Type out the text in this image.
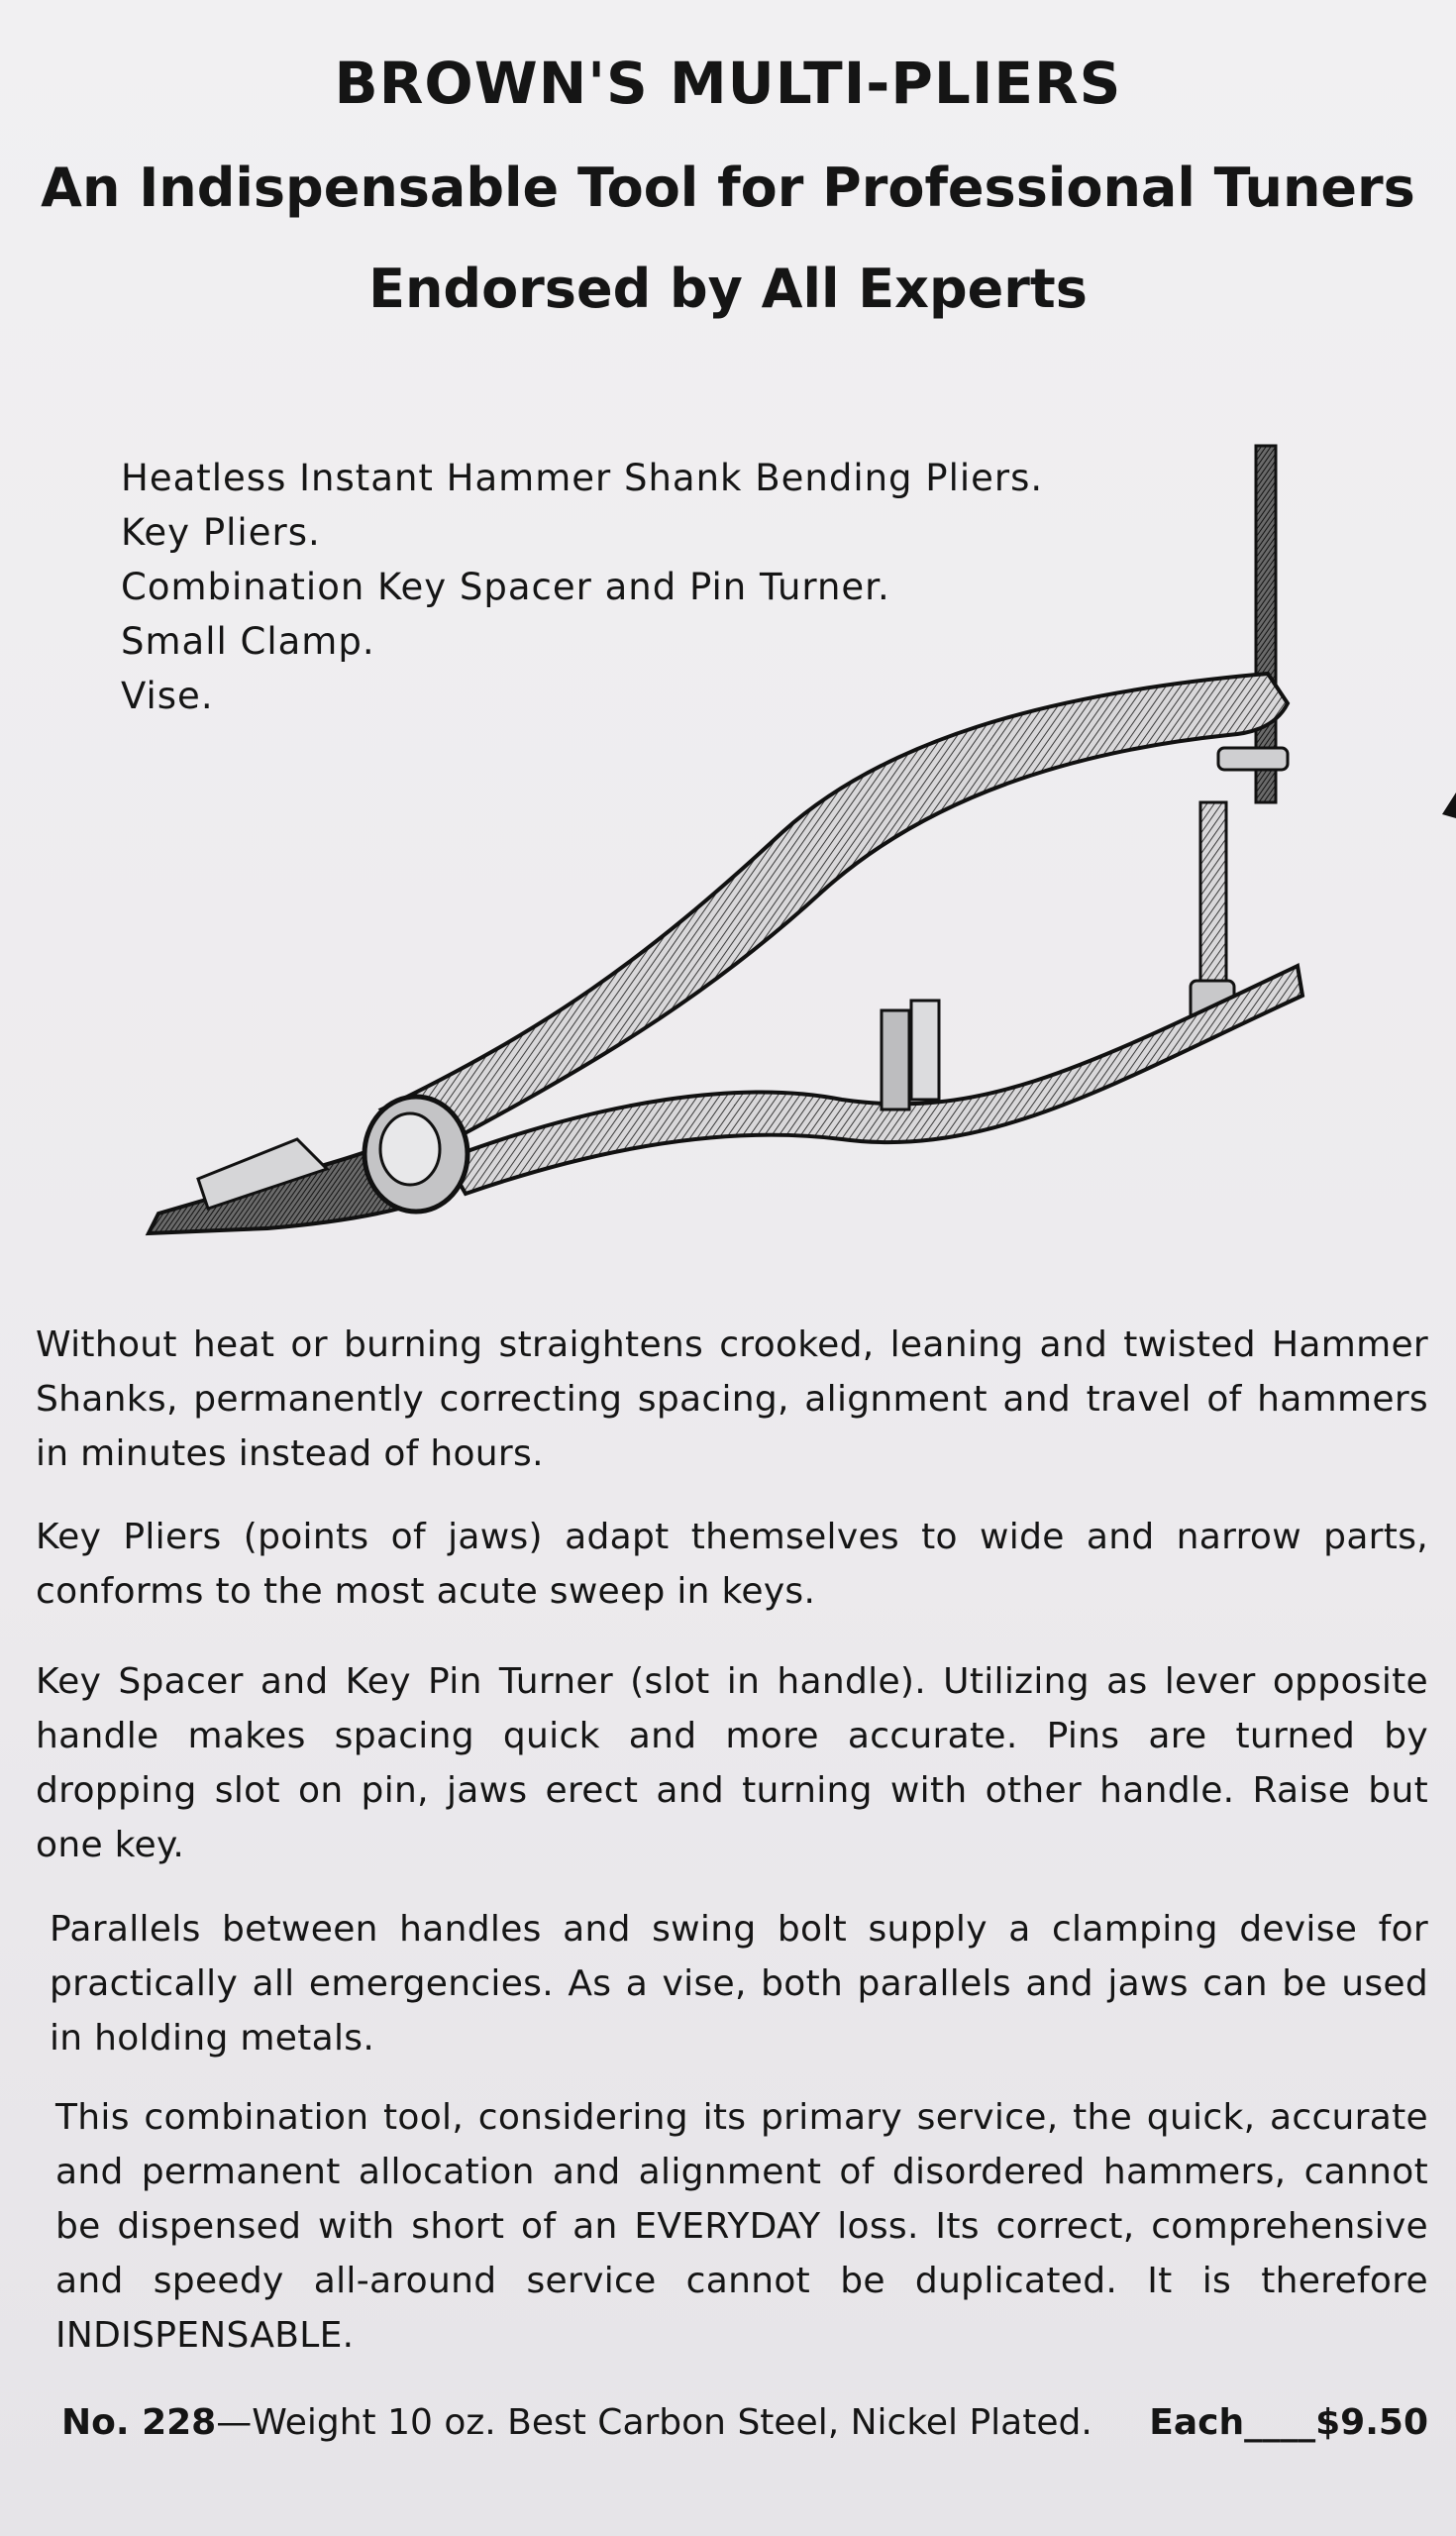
BROWN'S MULTI-PLIERS
An Indispensable Tool for Professional Tuners
Endorsed by All Experts
Heatless Instant Hammer Shank Bending Pliers.
Key Pliers.
Combination Key Spacer and Pin Turner.
Small Clamp.
Vise.

Without heat or burning straightens crooked, leaning and twisted Hammer Shanks, permanently correcting spacing, alignment and travel of hammers in minutes instead of hours.

Key Pliers (points of jaws) adapt themselves to wide and narrow parts, conforms to the most acute sweep in keys.

Key Spacer and Key Pin Turner (slot in handle). Utilizing as lever opposite handle makes spacing quick and more accurate. Pins are turned by dropping slot on pin, jaws erect and turning with other handle. Raise but one key.

Parallels between handles and swing bolt supply a clamping devise for practically all emergencies. As a vise, both parallels and jaws can be used in holding metals.

This combination tool, considering its primary service, the quick, accurate and permanent allocation and alignment of disordered hammers, cannot be dispensed with short of an EVERYDAY loss. Its correct, comprehensive and speedy all-around service cannot be duplicated. It is therefore INDISPENSABLE.

No. 228—Weight 10 oz. Best Carbon Steel, Nickel Plated. Each____$9.50
